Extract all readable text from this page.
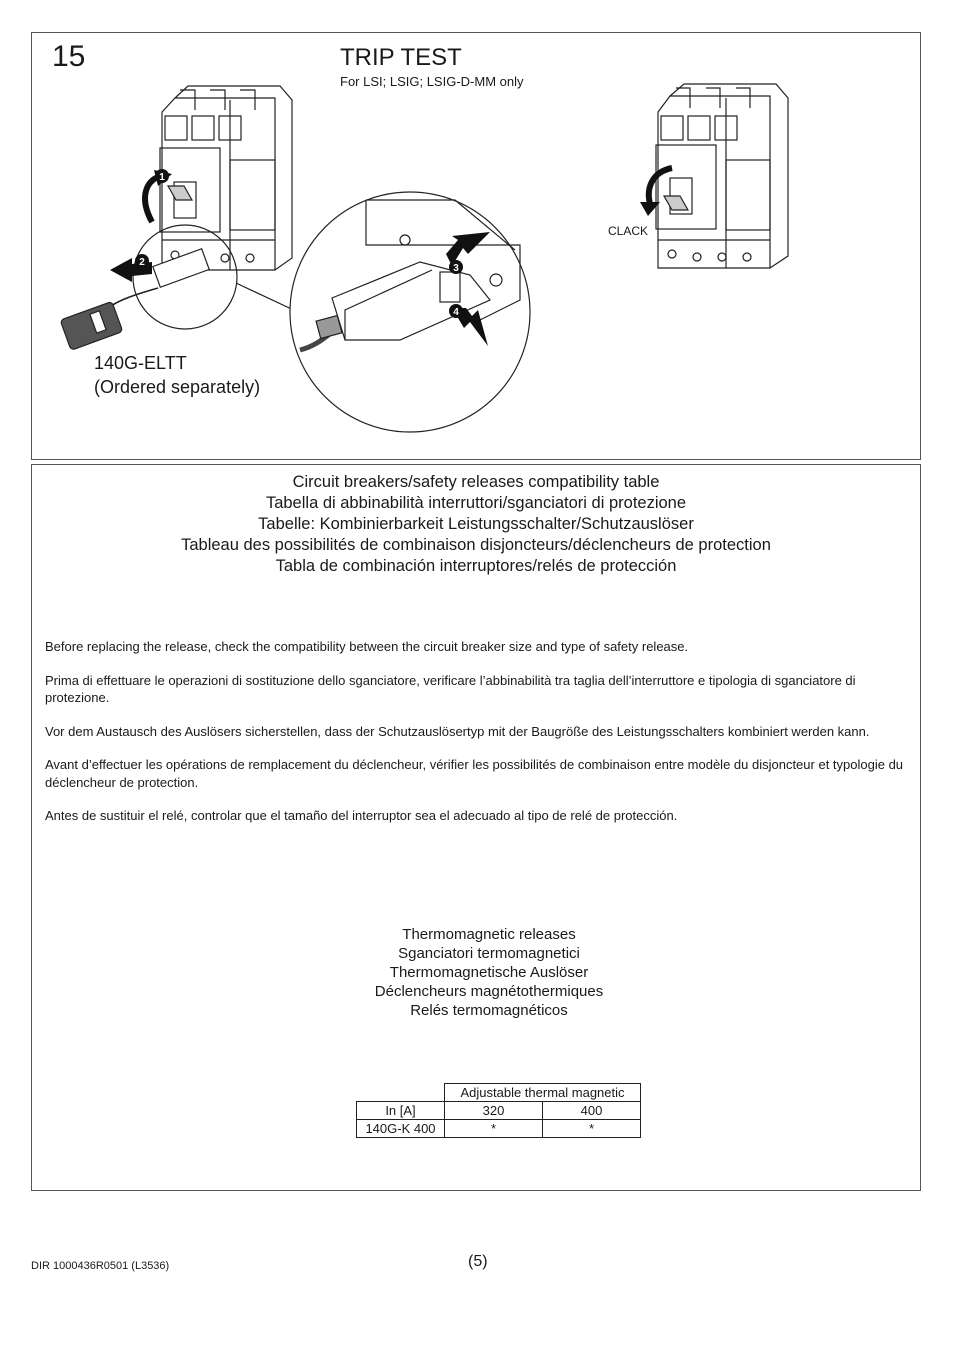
15	TRIP TEST
For LSI; LSIG; LSIG-D-MM only
1
2
3
4
CLACK
140G-ELTT
(Ordered separately)
Circuit breakers/safety releases compatibility table
Tabella di abbinabilità interruttori/sganciatori di protezione
Tabelle: Kombinierbarkeit Leistungsschalter/Schutzauslöser
Tableau des possibilités de combinaison disjoncteurs/déclencheurs de protection
Tabla de combinación interruptores/relés de protección

Before replacing the release, check the compatibility between the circuit breaker size and type of safety release.

Prima di effettuare le operazioni di sostituzione dello sganciatore, verificare l’abbinabilità tra taglia dell’interruttore e tipologia di sganciatore di protezione.

Vor dem Austausch des Auslösers sicherstellen, dass der Schutzauslösertyp mit der Baugröße des Leistungsschalters kombiniert werden kann.

Avant d’effectuer les opérations de remplacement du déclencheur, vérifier les possibilités de combinaison entre modèle du disjoncteur et typologie du déclencheur de protection.

Antes de sustituir el relé, controlar que el tamaño del interruptor sea el adecuado al tipo de relé de protección.

Thermomagnetic releases
Sganciatori termomagnetici
Thermomagnetische Auslöser
Déclencheurs magnétothermiques
Relés termomagnéticos
	Adjustable thermal magnetic	
In [A]	320	400
140G-K 400	*	*
DIR 1000436R0501 (L3536)	(5)
